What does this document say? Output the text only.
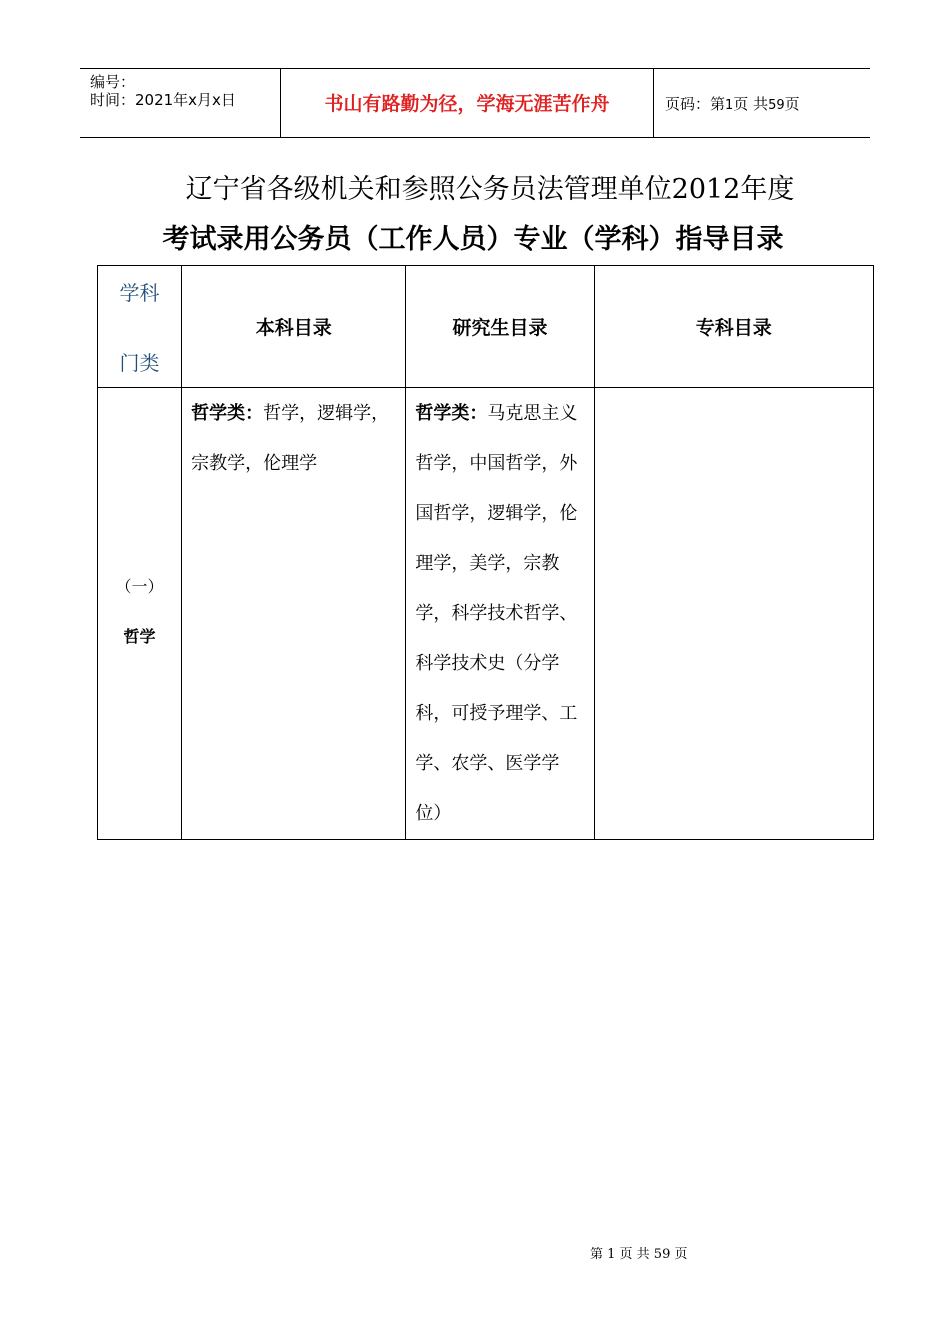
编号：
时间：2021年x月x日	书山有路勤为径，学海无涯苦作舟	页码：第1页 共59页
辽宁省各级机关和参照公务员法管理单位2012年度
考试录用公务员（工作人员）专业（学科）指导目录
学科
门类	本科目录	研究生目录	专科目录

（一）
哲学	哲学类：哲学，逻辑学，宗教学，伦理学	哲学类：马克思主义哲学，中国哲学，外国哲学，逻辑学，伦理学，美学，宗教学，科学技术哲学、科学技术史（分学科，可授予理学、工学、农学、医学学位）	

第 1 页 共 59 页
